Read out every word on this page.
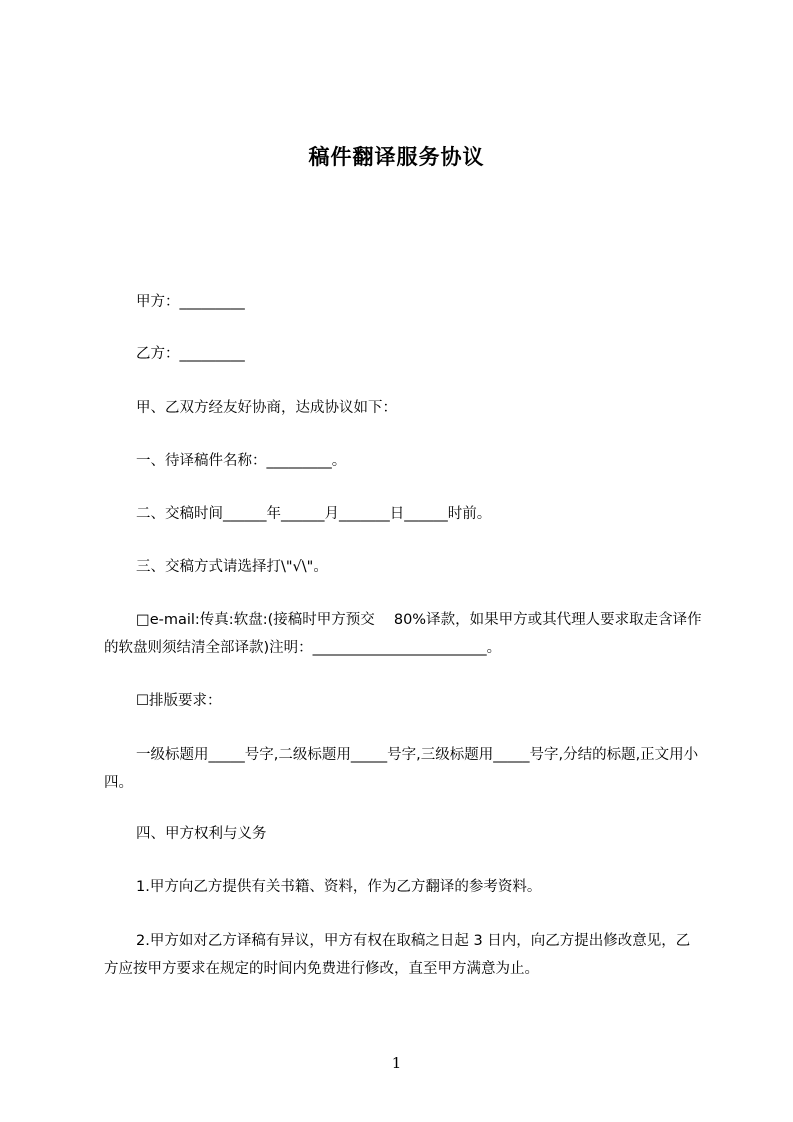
稿件翻译服务协议
甲方：_________
乙方：_________
甲、乙双方经友好协商，达成协议如下：
一、待译稿件名称：_________。
二、交稿时间______年______月_______日______时前。
三、交稿方式请选择打\"√\"。
□e-mail:传真:软盘:(接稿时甲方预交　 80%译款，如果甲方或其代理人要求取走含译作的软盘则须结清全部译款)注明：________________________。
☐排版要求：
一级标题用_____号字,二级标题用_____号字,三级标题用_____号字,分结的标题,正文用小四。
四、甲方权利与义务
1.甲方向乙方提供有关书籍、资料，作为乙方翻译的参考资料。
2.甲方如对乙方译稿有异议，甲方有权在取稿之日起 3 日内，向乙方提出修改意见，乙方应按甲方要求在规定的时间内免费进行修改，直至甲方满意为止。
1
